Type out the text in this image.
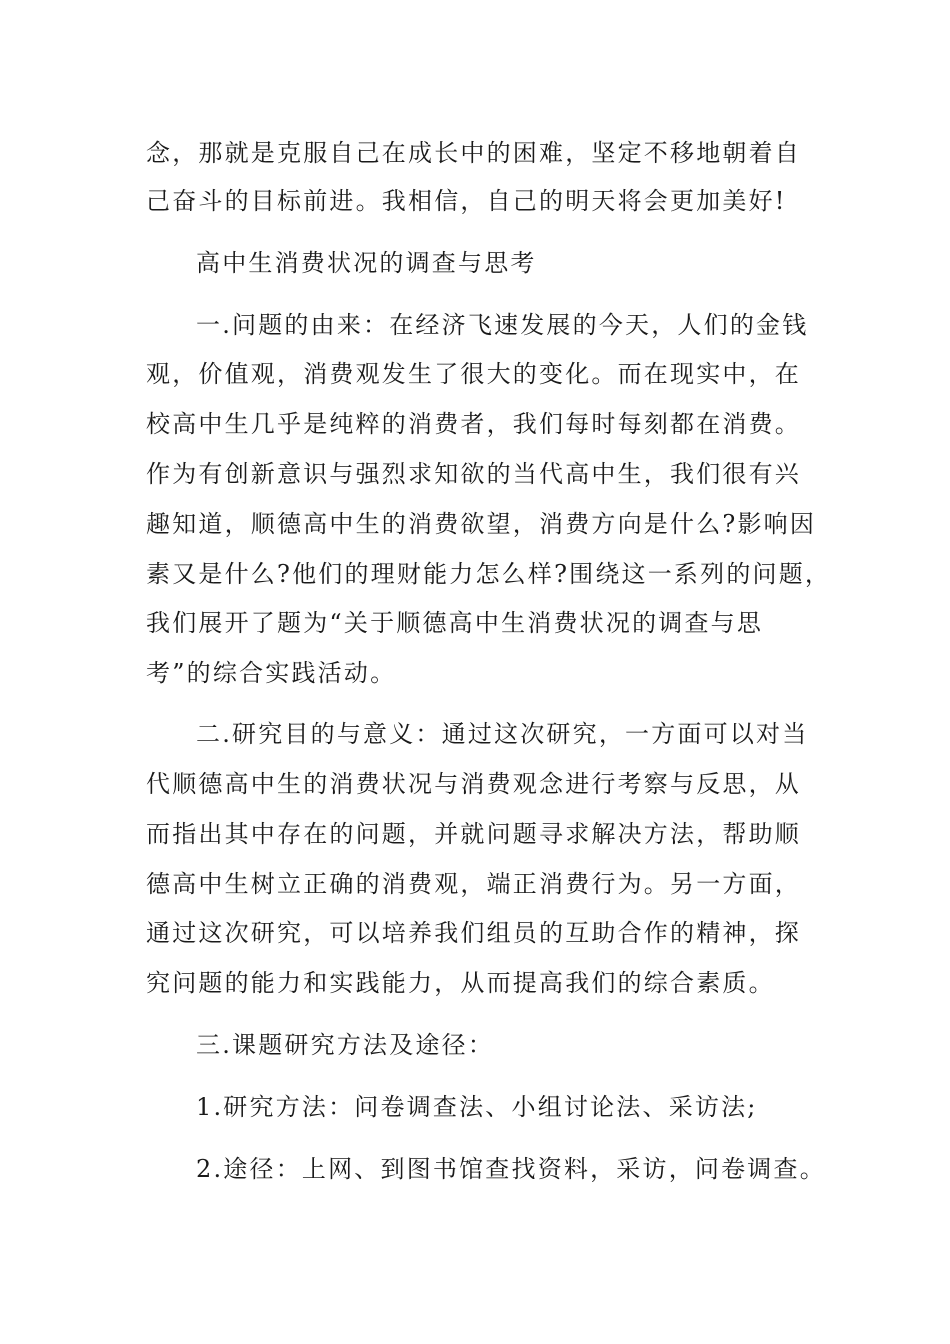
念，那就是克服自己在成长中的困难，坚定不移地朝着自
己奋斗的目标前进。我相信，自己的明天将会更加美好!
高中生消费状况的调查与思考
一.问题的由来：在经济飞速发展的今天，人们的金钱
观，价值观，消费观发生了很大的变化。而在现实中，在
校高中生几乎是纯粹的消费者，我们每时每刻都在消费。
作为有创新意识与强烈求知欲的当代高中生，我们很有兴
趣知道，顺德高中生的消费欲望，消费方向是什么?影响因
素又是什么?他们的理财能力怎么样?围绕这一系列的问题，
我们展开了题为“关于顺德高中生消费状况的调查与思
考”的综合实践活动。
二.研究目的与意义：通过这次研究，一方面可以对当
代顺德高中生的消费状况与消费观念进行考察与反思，从
而指出其中存在的问题，并就问题寻求解决方法，帮助顺
德高中生树立正确的消费观，端正消费行为。另一方面，
通过这次研究，可以培养我们组员的互助合作的精神，探
究问题的能力和实践能力，从而提高我们的综合素质。
三.课题研究方法及途径：
1.研究方法：问卷调查法、小组讨论法、采访法;
2.途径：上网、到图书馆查找资料，采访，问卷调查。
